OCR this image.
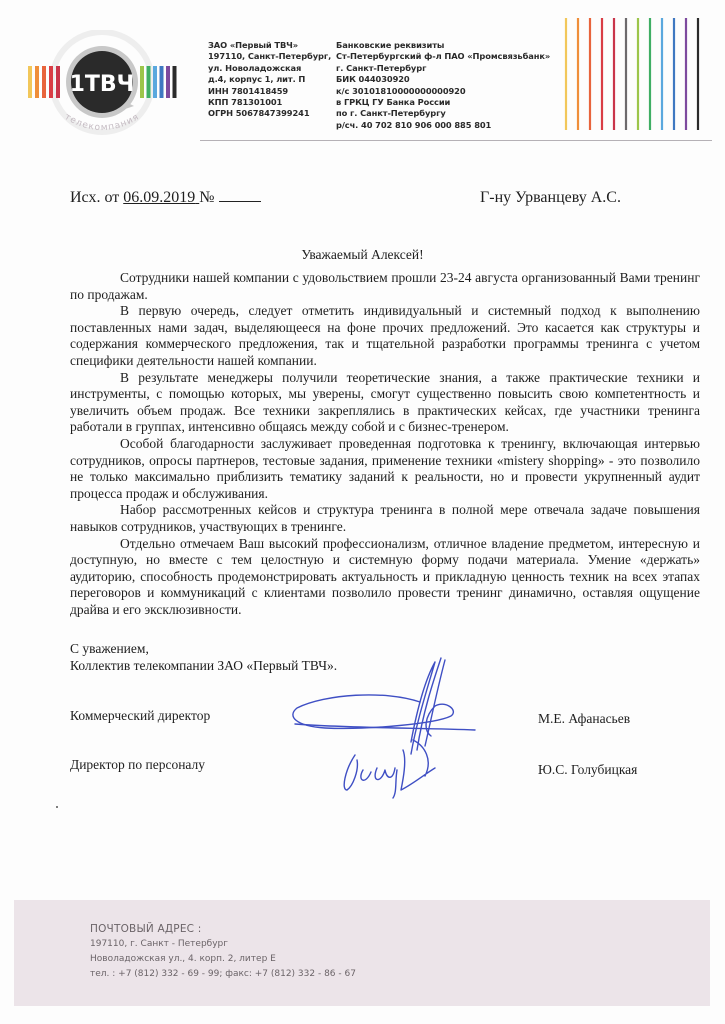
1ТВЧ
телекомпания
ЗАО «Первый ТВЧ»
197110, Санкт-Петербург,
ул. Новоладожская
д.4, корпус 1, лит. П
ИНН 7801418459
КПП 781301001
ОГРН 5067847399241
Банковские реквизиты
Ст-Петербургский ф-л ПАО «Промсвязьбанк»
г. Санкт-Петербург
БИК 044030920
к/с 30101810000000000920
в ГРКЦ ГУ Банка России
по г. Санкт-Петербургу
р/сч. 40 702 810 906 000 885 801
Исх. от 06.09.2019 №	Г-ну Урванцеву А.С.
Уважаемый Алексей!

Сотрудники нашей компании с удовольствием прошли 23-24 августа организованный Вами тренинг по продажам.

В первую очередь, следует отметить индивидуальный и системный подход к выполнению поставленных нами задач, выделяющееся на фоне прочих предложений. Это касается как структуры и содержания коммерческого предложения, так и тщательной разработки программы тренинга с учетом специфики деятельности нашей компании.

В результате менеджеры получили теоретические знания, а также практические техники и инструменты, с помощью которых, мы уверены, смогут существенно повысить свою компетентность и увеличить объем продаж. Все техники закреплялись в практических кейсах, где участники тренинга работали в группах, интенсивно общаясь между собой и с бизнес-тренером.

Особой благодарности заслуживает проведенная подготовка к тренингу, включающая интервью сотрудников, опросы партнеров, тестовые задания, применение техники «mistery shopping» - это позволило не только максимально приблизить тематику заданий к реальности, но и провести укрупненный аудит процесса продаж и обслуживания.

Набор рассмотренных кейсов и структура тренинга в полной мере отвечала задаче повышения навыков сотрудников, участвующих в тренинге.

Отдельно отмечаем Ваш высокий профессионализм, отличное владение предметом, интересную и доступную, но вместе с тем целостную и системную форму подачи материала. Умение «держать» аудиторию, способность продемонстрировать актуальность и прикладную ценность техник на всех этапах переговоров и коммуникаций с клиентами позволило провести тренинг динамично, оставляя ощущение драйва и его эксклюзивности.

С уважением,
Коллектив телекомпании ЗАО «Первый ТВЧ».
Коммерческий директор	М.Е. Афанасьев
Директор по персоналу	Ю.С. Голубицкая
ПОЧТОВЫЙ АДРЕС :
197110, г. Санкт - Петербург
Новоладожская ул., 4. корп. 2, литер Е
тел. : +7 (812) 332 - 69 - 99; факс: +7 (812) 332 - 86 - 67
